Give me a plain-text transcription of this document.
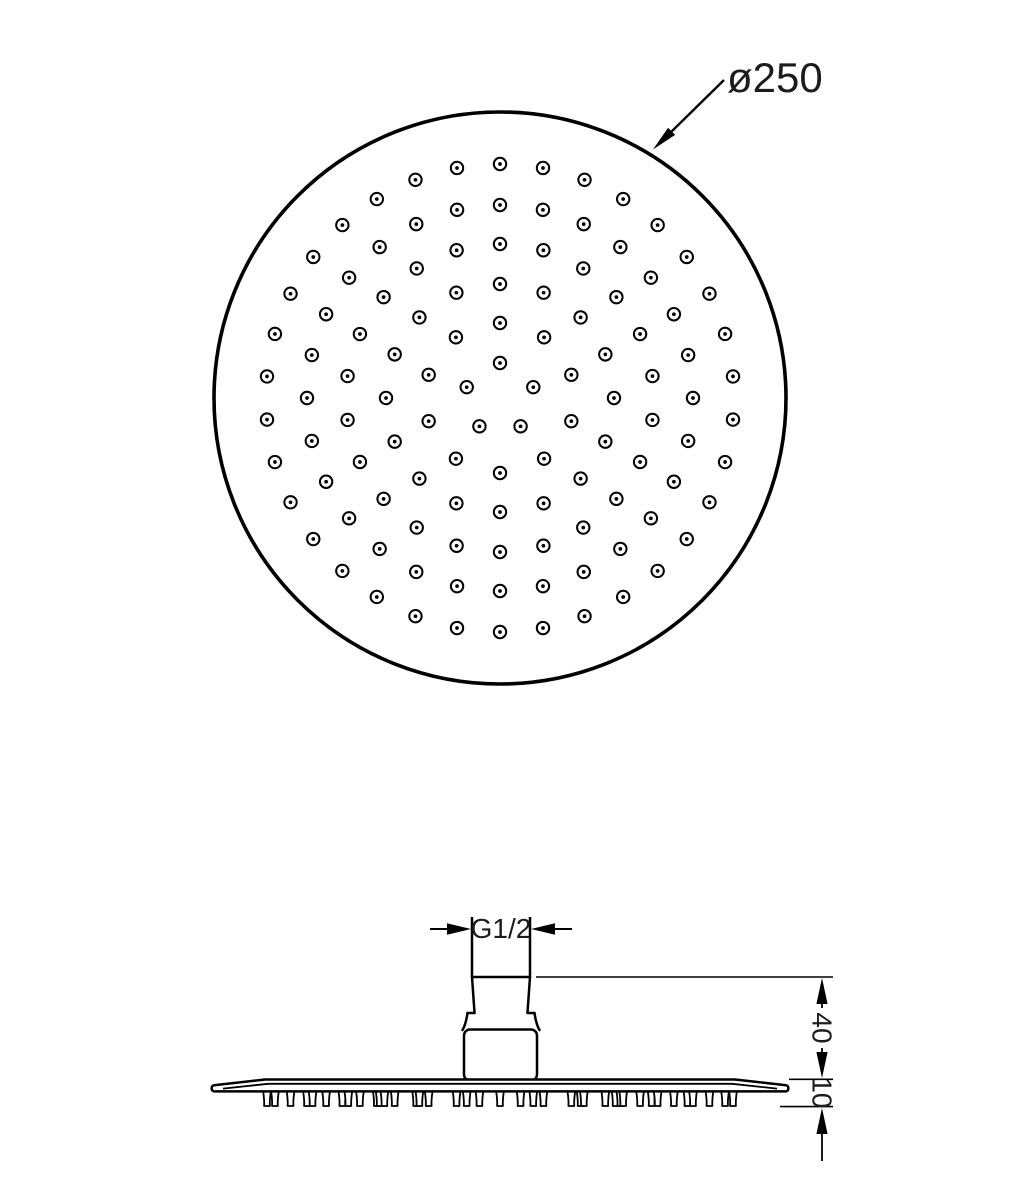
ø250
G1/2
40
10
